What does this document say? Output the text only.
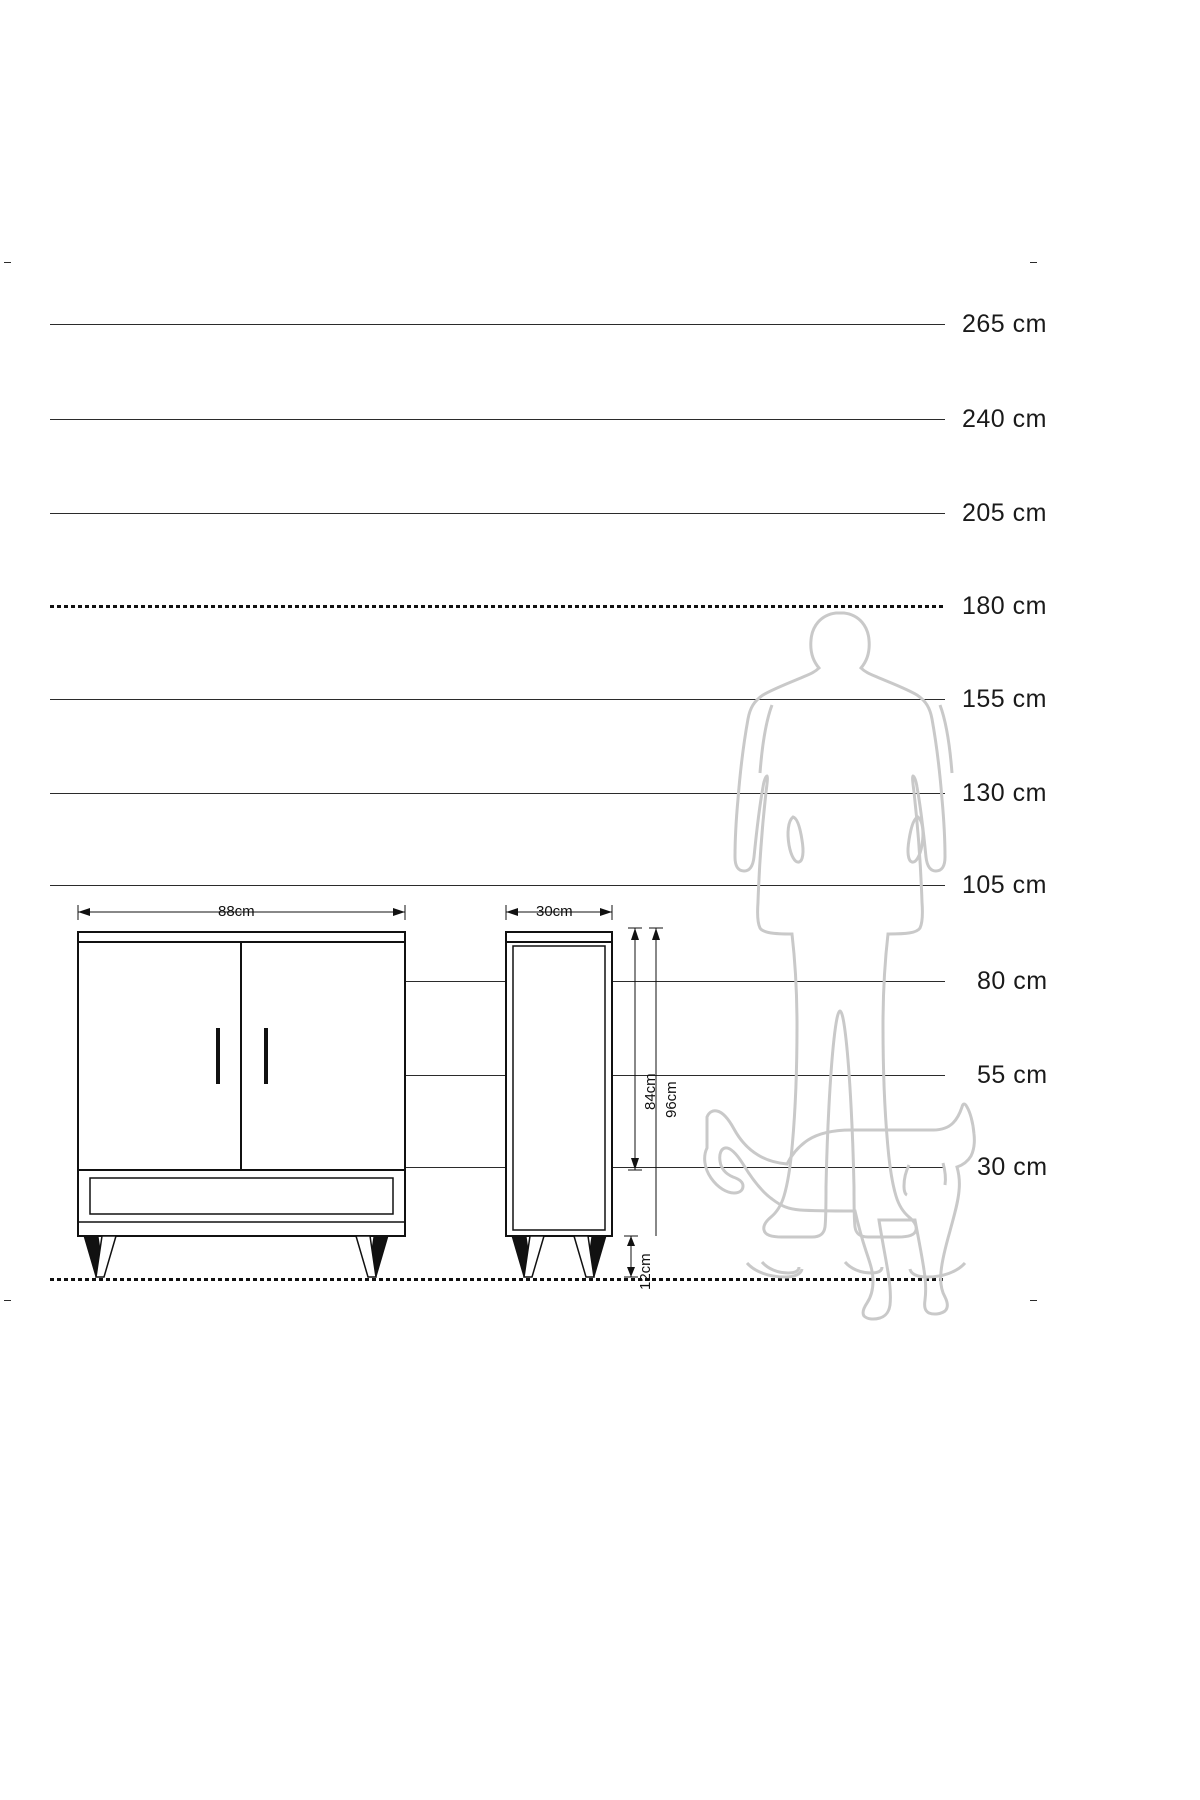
265 cm
240 cm
205 cm
180 cm
155 cm
130 cm
105 cm
80 cm
55 cm
30 cm
88cm	30cm
84cm 96cm
12cm
